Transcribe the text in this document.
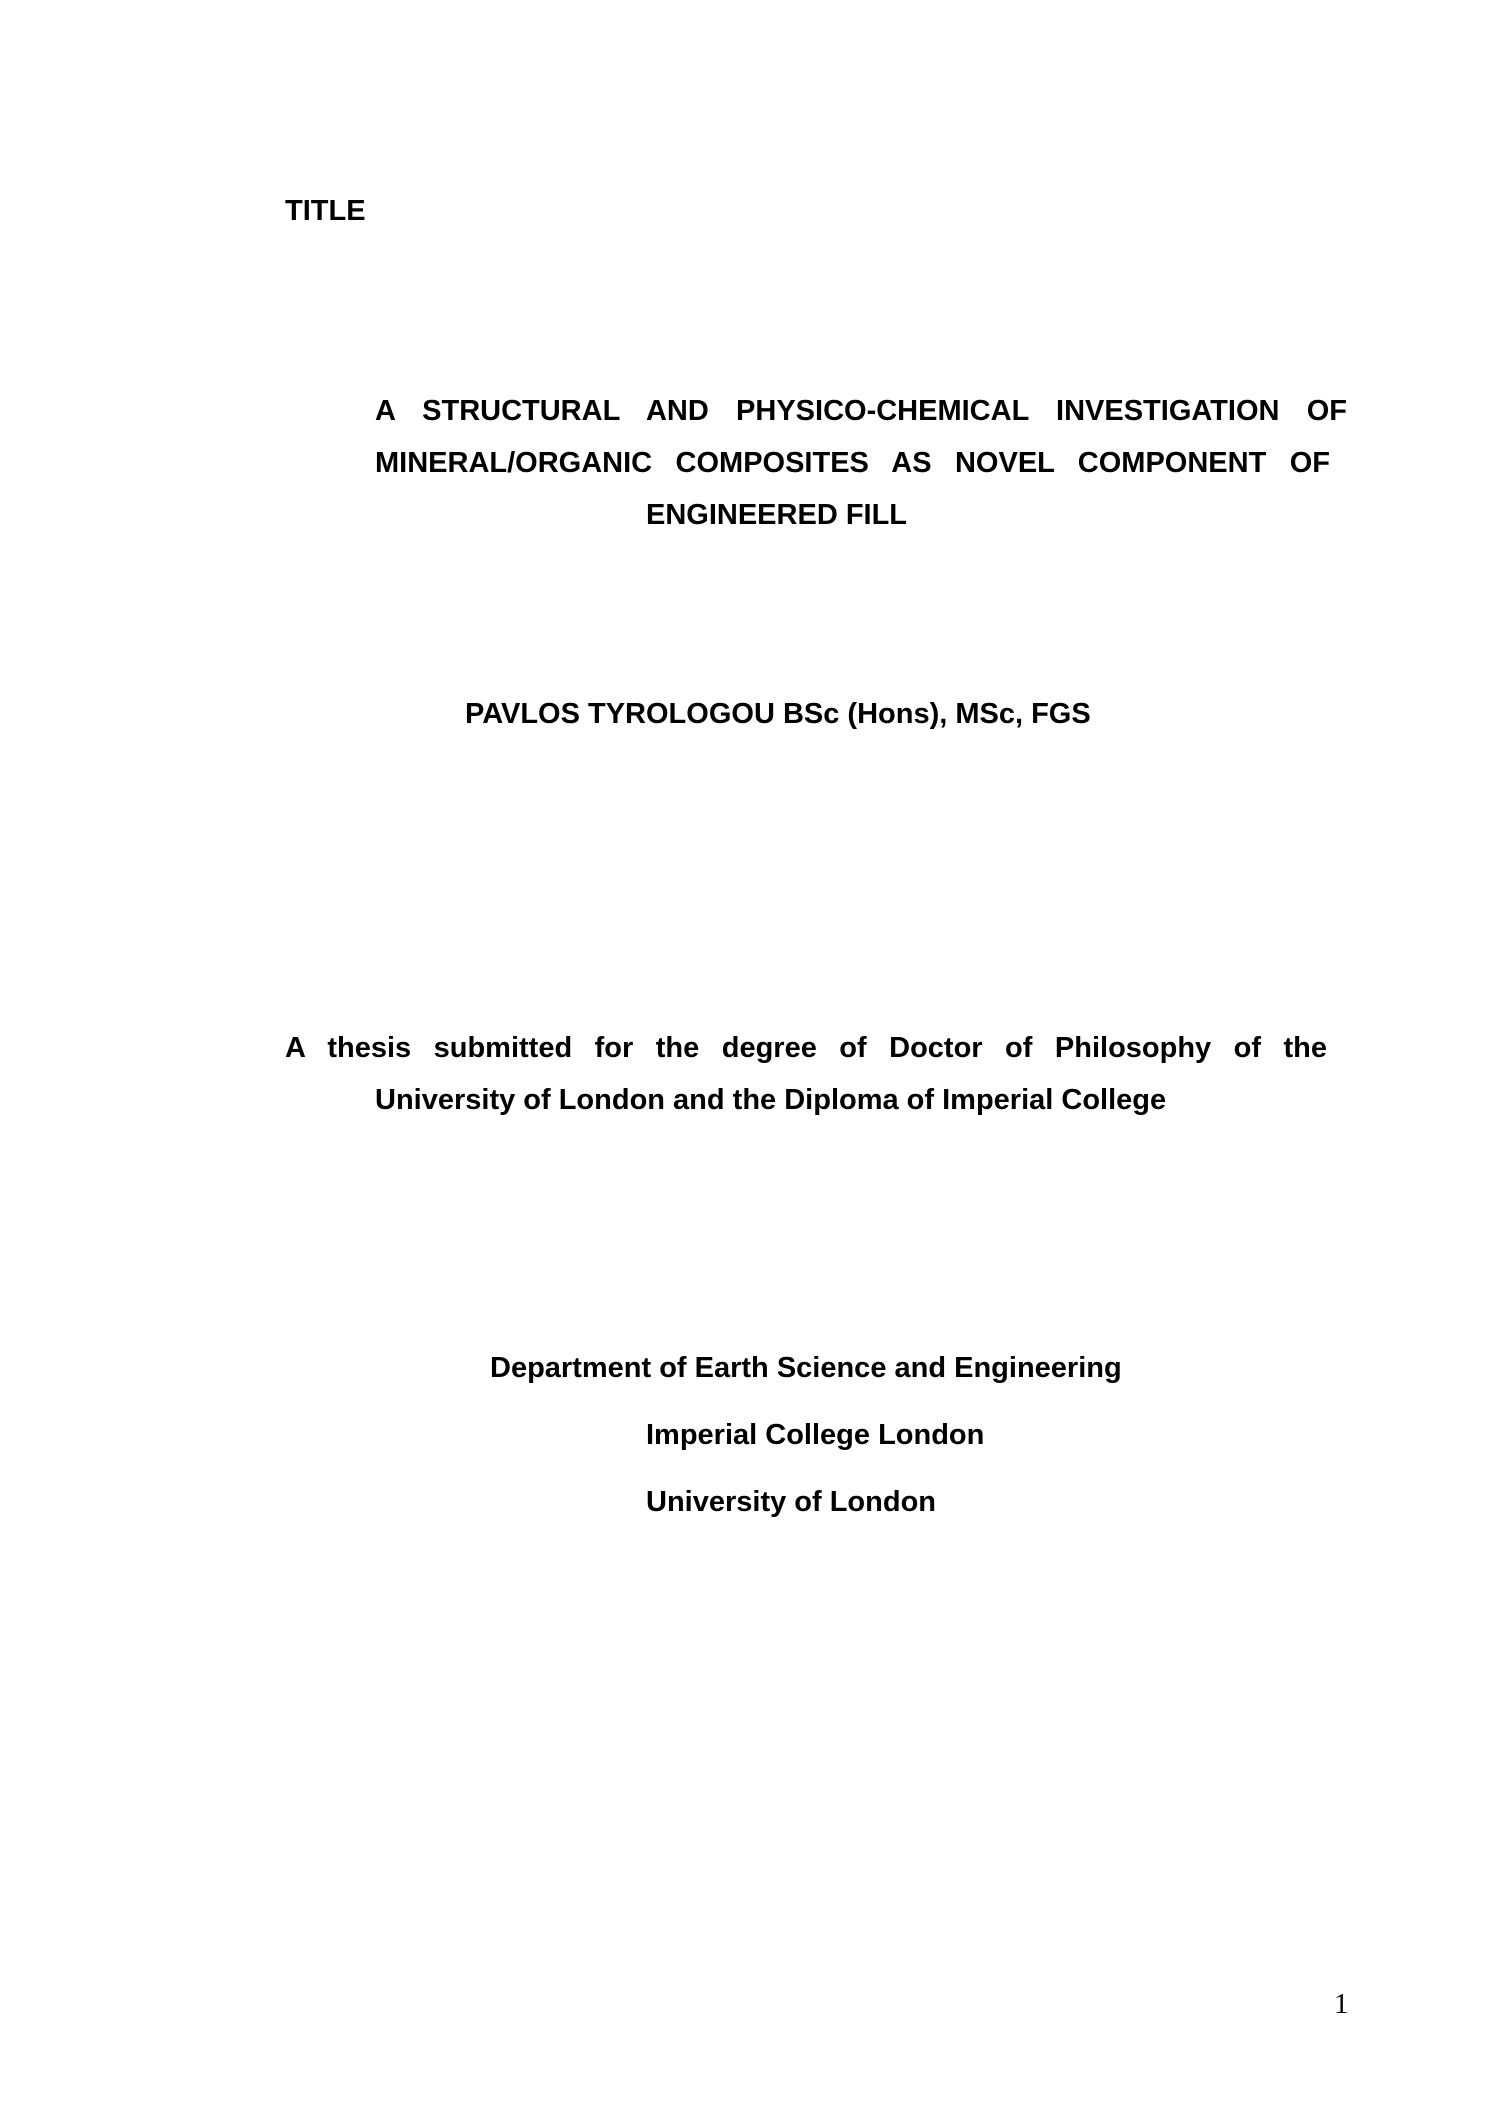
TITLE
A STRUCTURAL AND PHYSICO-CHEMICAL INVESTIGATION OF
MINERAL/ORGANIC COMPOSITES AS NOVEL COMPONENT OF
ENGINEERED FILL
PAVLOS TYROLOGOU BSc (Hons), MSc, FGS
A thesis submitted for the degree of Doctor of Philosophy of the
University of London and the Diploma of Imperial College
Department of Earth Science and Engineering
Imperial College London
University of London
1
